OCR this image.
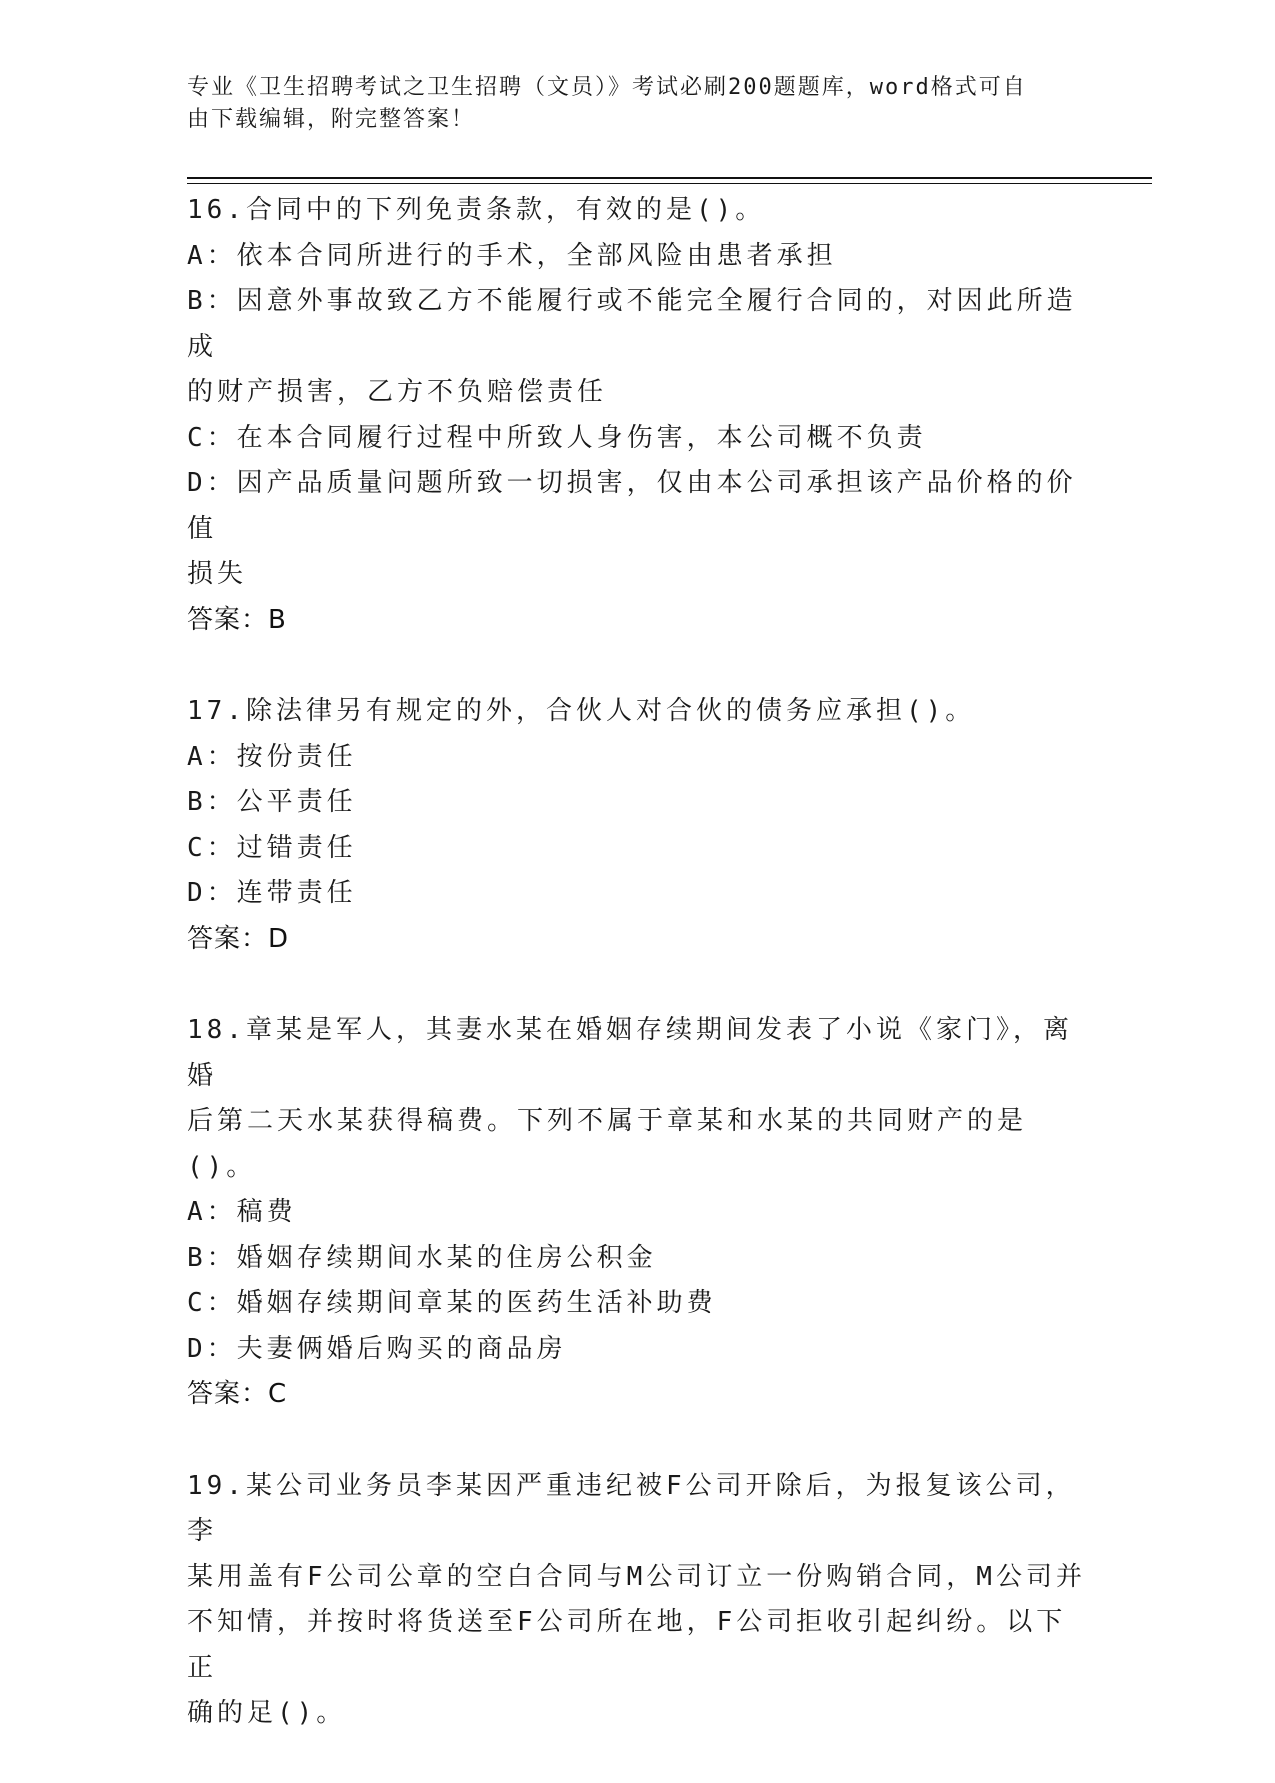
专业《卫生招聘考试之卫生招聘（文员）》考试必刷200题题库，word格式可自
由下载编辑，附完整答案！
16.合同中的下列免责条款，有效的是()。
A：依本合同所进行的手术，全部风险由患者承担
B：因意外事故致乙方不能履行或不能完全履行合同的，对因此所造成
的财产损害，乙方不负赔偿责任
C：在本合同履行过程中所致人身伤害，本公司概不负责
D：因产品质量问题所致一切损害，仅由本公司承担该产品价格的价值
损失
答案：B
17.除法律另有规定的外，合伙人对合伙的债务应承担()。
A：按份责任
B：公平责任
C：过错责任
D：连带责任
答案：D
18.章某是军人，其妻水某在婚姻存续期间发表了小说《家门》，离婚
后第二天水某获得稿费。下列不属于章某和水某的共同财产的是()。
A：稿费
B：婚姻存续期间水某的住房公积金
C：婚姻存续期间章某的医药生活补助费
D：夫妻俩婚后购买的商品房
答案：C
19.某公司业务员李某因严重违纪被F公司开除后，为报复该公司，李
某用盖有F公司公章的空白合同与M公司订立一份购销合同，M公司并
不知情，并按时将货送至F公司所在地，F公司拒收引起纠纷。以下正
确的足()。
